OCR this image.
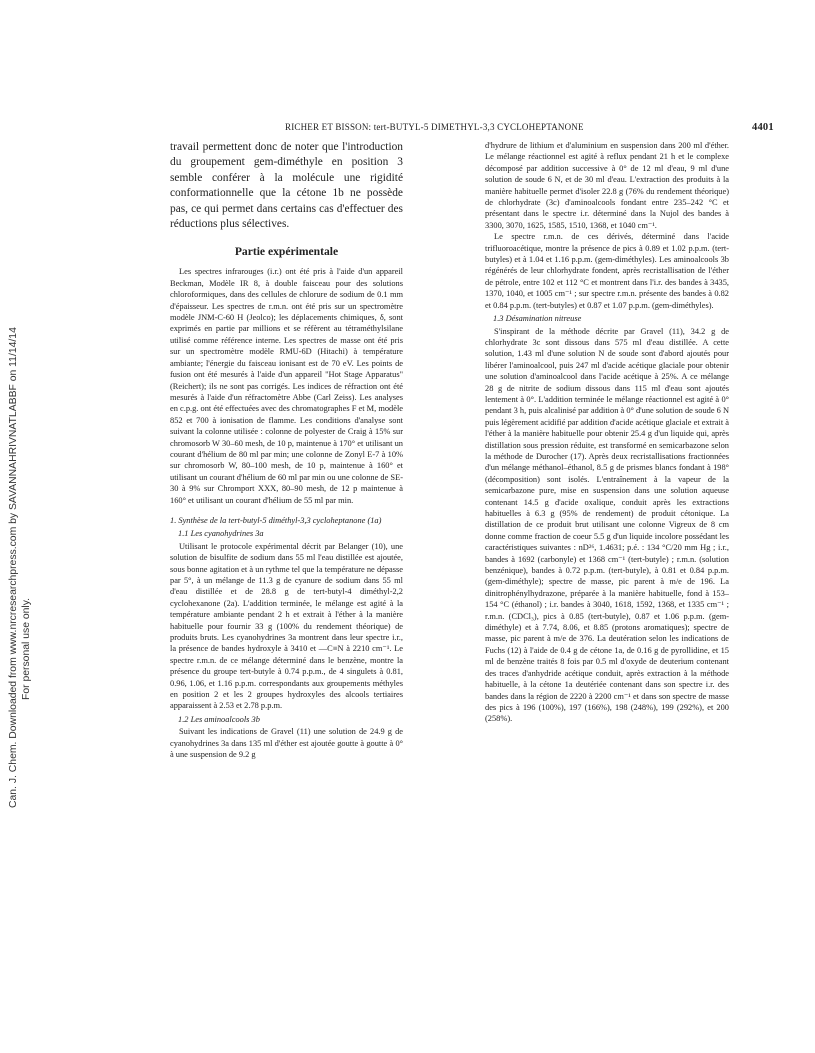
RICHER ET BISSON: tert-BUTYL-5 DIMETHYL-3,3 CYCLOHEPTANONE	4401

travail permettent donc de noter que l'introduction du groupement gem-diméthyle en position 3 semble conférer à la molécule une rigidité conformationnelle que la cétone 1b ne possède pas, ce qui permet dans certains cas d'effectuer des réductions plus sélectives.

Partie expérimentale

Les spectres infrarouges (i.r.) ont été pris à l'aide d'un appareil Beckman, Modèle IR 8, à double faisceau pour des solutions chloroformiques, dans des cellules de chlorure de sodium de 0.1 mm d'épaisseur. Les spectres de r.m.n. ont été pris sur un spectromètre modèle JNM-C-60 H (Jeolco); les déplacements chimiques, δ, sont exprimés en partie par millions et se réfèrent au tétraméthylsilane utilisé comme référence interne. Les spectres de masse ont été pris sur un spectromètre modèle RMU-6D (Hitachi) à température ambiante; l'énergie du faisceau ionisant est de 70 eV. Les points de fusion ont été mesurés à l'aide d'un appareil "Hot Stage Apparatus" (Reichert); ils ne sont pas corrigés. Les indices de réfraction ont été mesurés à l'aide d'un réfractomètre Abbe (Carl Zeiss). Les analyses en c.p.g. ont été effectuées avec des chromatographes F et M, modèle 852 et 700 à ionisation de flamme. Les conditions d'analyse sont suivant la colonne utilisée : colonne de polyester de Craig à 15% sur chromosorb W 30–60 mesh, de 10 p, maintenue à 170° et utilisant un courant d'hélium de 80 ml par min; une colonne de Zonyl E-7 à 10% sur chromosorb W, 80–100 mesh, de 10 p, maintenue à 160° et utilisant un courant d'hélium de 60 ml par min ou une colonne de SE-30 à 9% sur Chromport XXX, 80–90 mesh, de 12 p maintenue à 160° et utilisant un courant d'hélium de 55 ml par min.

1. Synthèse de la tert-butyl-5 diméthyl-3,3 cycloheptanone (1a)
1.1 Les cyanohydrines 3a

Utilisant le protocole expérimental décrit par Belanger (10), une solution de bisulfite de sodium dans 55 ml l'eau distillée est ajoutée, sous bonne agitation et à un rythme tel que la température ne dépasse par 5°, à un mélange de 11.3 g de cyanure de sodium dans 55 ml d'eau distillée et de 28.8 g de tert-butyl-4 diméthyl-2,2 cyclohexanone (2a). L'addition terminée, le mélange est agité à la température ambiante pendant 2 h et extrait à l'éther à la manière habituelle pour fournir 33 g (100% du rendement théorique) de produits bruts. Les cyanohydrines 3a montrent dans leur spectre i.r., la présence de bandes hydroxyle à 3410 et —C≡N à 2210 cm⁻¹. Le spectre r.m.n. de ce mélange déterminé dans le benzène, montre la présence du groupe tert-butyle à 0.74 p.p.m., de 4 singulets à 0.81, 0.96, 1.06, et 1.16 p.p.m. correspondants aux groupements méthyles en position 2 et les 2 groupes hydroxyles des alcools tertiaires apparaissent à 2.53 et 2.78 p.p.m.

1.2 Les aminoalcools 3b

Suivant les indications de Gravel (11) une solution de 24.9 g de cyanohydrines 3a dans 135 ml d'éther est ajoutée goutte à goutte à 0° à une suspension de 9.2 g

d'hydrure de lithium et d'aluminium en suspension dans 200 ml d'éther. Le mélange réactionnel est agité à reflux pendant 21 h et le complexe décomposé par addition successive à 0° de 12 ml d'eau, 9 ml d'une solution de soude 6 N, et de 30 ml d'eau. L'extraction des produits à la manière habituelle permet d'isoler 22.8 g (76% du rendement théorique) de chlorhydrate (3c) d'aminoalcools fondant entre 235–242 °C et présentant dans le spectre i.r. déterminé dans la Nujol des bandes à 3300, 3070, 1625, 1585, 1510, 1368, et 1040 cm⁻¹.

Le spectre r.m.n. de ces dérivés, déterminé dans l'acide trifluoroacétique, montre la présence de pics à 0.89 et 1.02 p.p.m. (tert-butyles) et à 1.04 et 1.16 p.p.m. (gem-diméthyles). Les aminoalcools 3b régénérés de leur chlorhydrate fondent, après recristallisation de l'éther de pétrole, entre 102 et 112 °C et montrent dans l'i.r. des bandes à 3435, 1370, 1040, et 1005 cm⁻¹ ; sur spectre r.m.n. présente des bandes à 0.82 et 0.84 p.p.m. (tert-butyles) et 0.87 et 1.07 p.p.m. (gem-diméthyles).

1.3 Désamination nitreuse

S'inspirant de la méthode décrite par Gravel (11), 34.2 g de chlorhydrate 3c sont dissous dans 575 ml d'eau distillée. A cette solution, 1.43 ml d'une solution N de soude sont d'abord ajoutés pour libérer l'aminoalcool, puis 247 ml d'acide acétique glaciale pour obtenir une solution d'aminoalcool dans l'acide acétique à 25%. A ce mélange 28 g de nitrite de sodium dissous dans 115 ml d'eau sont ajoutés lentement à 0°. L'addition terminée le mélange réactionnel est agité à 0° pendant 3 h, puis alcalinisé par addition à 0° d'une solution de soude 6 N puis légèrement acidifié par addition d'acide acétique glaciale et extrait à l'éther à la manière habituelle pour obtenir 25.4 g d'un liquide qui, après distillation sous pression réduite, est transformé en semicarbazone selon la méthode de Durocher (17). Après deux recristallisations fractionnées d'un mélange méthanol–éthanol, 8.5 g de prismes blancs fondant à 198° (décomposition) sont isolés. L'entraînement à la vapeur de la semicarbazone pure, mise en suspension dans une solution aqueuse contenant 14.5 g d'acide oxalique, conduit après les extractions habituelles à 6.3 g (95% de rendement) de produit cétonique. La distillation de ce produit brut utilisant une colonne Vigreux de 8 cm donne comme fraction de coeur 5.5 g d'un liquide incolore possédant les caractéristiques suivantes : nD²⁶, 1.4631; p.é. : 134 °C/20 mm Hg ; i.r., bandes à 1692 (carbonyle) et 1368 cm⁻¹ (tert-butyle) ; r.m.n. (solution benzénique), bandes à 0.72 p.p.m. (tert-butyle), à 0.81 et 0.84 p.p.m. (gem-diméthyle); spectre de masse, pic parent à m/e de 196. La dinitrophénylhydrazone, préparée à la manière habituelle, fond à 153–154 °C (éthanol) ; i.r. bandes à 3040, 1618, 1592, 1368, et 1335 cm⁻¹ ; r.m.n. (CDCl₃), pics à 0.85 (tert-butyle), 0.87 et 1.06 p.p.m. (gem-diméthyle) et à 7.74, 8.06, et 8.85 (protons aromatiques); spectre de masse, pic parent à m/e de 376. La deutération selon les indications de Fuchs (12) à l'aide de 0.4 g de cétone 1a, de 0.16 g de pyrollidine, et 15 ml de benzène traités 8 fois par 0.5 ml d'oxyde de deuterium contenant des traces d'anhydride acétique conduit, après extraction à la méthode habituelle, à la cétone 1a deutériée contenant dans son spectre i.r. des bandes dans la région de 2220 à 2200 cm⁻¹ et dans son spectre de masse des pics à 196 (100%), 197 (166%), 198 (248%), 199 (292%), et 200 (258%).

Can. J. Chem. Downloaded from www.nrcresearchpress.com by SAVANNAHRIVNATLABBF on 11/14/14 For personal use only.
